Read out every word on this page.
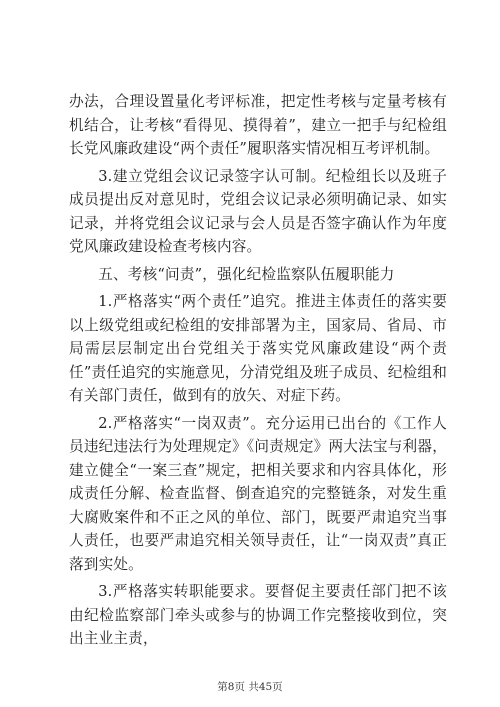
办法，合理设置量化考评标准，把定性考核与定量考核有机结合，让考核“看得见、摸得着”，建立一把手与纪检组长党风廉政建设“两个责任”履职落实情况相互考评机制。

3.建立党组会议记录签字认可制。纪检组长以及班子成员提出反对意见时，党组会议记录必须明确记录、如实记录，并将党组会议记录与会人员是否签字确认作为年度党风廉政建设检查考核内容。

五、考核“问责”，强化纪检监察队伍履职能力

1.严格落实“两个责任”追究。推进主体责任的落实要以上级党组或纪检组的安排部署为主，国家局、省局、市局需层层制定出台党组关于落实党风廉政建设“两个责任”责任追究的实施意见，分清党组及班子成员、纪检组和有关部门责任，做到有的放矢、对症下药。

2.严格落实“一岗双责”。充分运用已出台的《工作人员违纪违法行为处理规定》《问责规定》两大法宝与利器，建立健全“一案三查”规定，把相关要求和内容具体化，形成责任分解、检查监督、倒查追究的完整链条，对发生重大腐败案件和不正之风的单位、部门，既要严肃追究当事人责任，也要严肃追究相关领导责任，让“一岗双责”真正落到实处。

3.严格落实转职能要求。要督促主要责任部门把不该由纪检监察部门牵头或参与的协调工作完整接收到位，突出主业主责，

第8页 共45页
